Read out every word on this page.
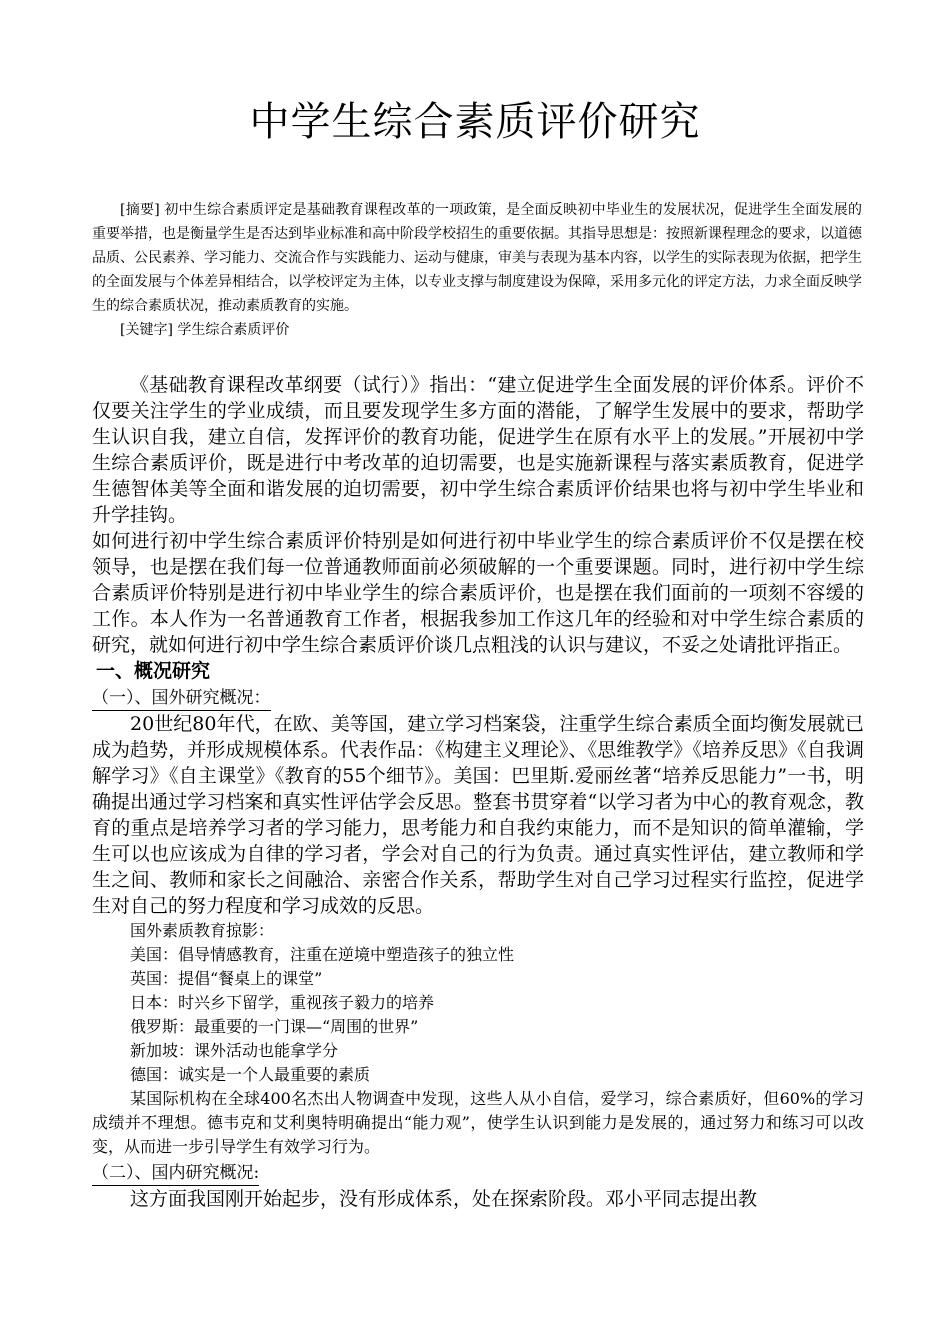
中学生综合素质评价研究

[摘要] 初中生综合素质评定是基础教育课程改革的一项政策，是全面反映初中毕业生的发展状况，促进学生全面发展的重要举措，也是衡量学生是否达到毕业标准和高中阶段学校招生的重要依据。其指导思想是：按照新课程理念的要求，以道德品质、公民素养、学习能力、交流合作与实践能力、运动与健康，审美与表现为基本内容，以学生的实际表现为依据，把学生的全面发展与个体差异相结合，以学校评定为主体，以专业支撑与制度建设为保障，采用多元化的评定方法，力求全面反映学生的综合素质状况，推动素质教育的实施。

[关键字] 学生综合素质评价

《基础教育课程改革纲要（试行）》指出：“建立促进学生全面发展的评价体系。评价不仅要关注学生的学业成绩，而且要发现学生多方面的潜能，了解学生发展中的要求，帮助学生认识自我，建立自信，发挥评价的教育功能，促进学生在原有水平上的发展。”开展初中学生综合素质评价，既是进行中考改革的迫切需要，也是实施新课程与落实素质教育，促进学生德智体美等全面和谐发展的迫切需要，初中学生综合素质评价结果也将与初中学生毕业和升学挂钩。

如何进行初中学生综合素质评价特别是如何进行初中毕业学生的综合素质评价不仅是摆在校领导，也是摆在我们每一位普通教师面前必须破解的一个重要课题。同时，进行初中学生综合素质评价特别是进行初中毕业学生的综合素质评价，也是摆在我们面前的一项刻不容缓的工作。本人作为一名普通教育工作者，根据我参加工作这几年的经验和对中学生综合素质的研究，就如何进行初中学生综合素质评价谈几点粗浅的认识与建议，不妥之处请批评指正。

一、概况研究

（一）、国外研究概况：

20世纪80年代，在欧、美等国，建立学习档案袋，注重学生综合素质全面均衡发展就已成为趋势，并形成规模体系。代表作品：《构建主义理论》、《思维教学》《培养反思》《自我调解学习》《自主课堂》《教育的55个细节》。美国：巴里斯.爱丽丝著“培养反思能力”一书，明确提出通过学习档案和真实性评估学会反思。整套书贯穿着“以学习者为中心的教育观念，教育的重点是培养学习者的学习能力，思考能力和自我约束能力，而不是知识的简单灌输，学生可以也应该成为自律的学习者，学会对自己的行为负责。通过真实性评估，建立教师和学生之间、教师和家长之间融洽、亲密合作关系，帮助学生对自己学习过程实行监控，促进学生对自己的努力程度和学习成效的反思。

国外素质教育掠影：
美国：倡导情感教育，注重在逆境中塑造孩子的独立性
英国：提倡“餐桌上的课堂”
日本：时兴乡下留学，重视孩子毅力的培养
俄罗斯：最重要的一门课—“周围的世界”
新加坡：课外活动也能拿学分
德国：诚实是一个人最重要的素质

某国际机构在全球400名杰出人物调查中发现，这些人从小自信，爱学习，综合素质好，但60%的学习成绩并不理想。德韦克和艾利奥特明确提出“能力观”，使学生认识到能力是发展的，通过努力和练习可以改变，从而进一步引导学生有效学习行为。

（二）、国内研究概况:

这方面我国刚开始起步，没有形成体系，处在探索阶段。邓小平同志提出教
